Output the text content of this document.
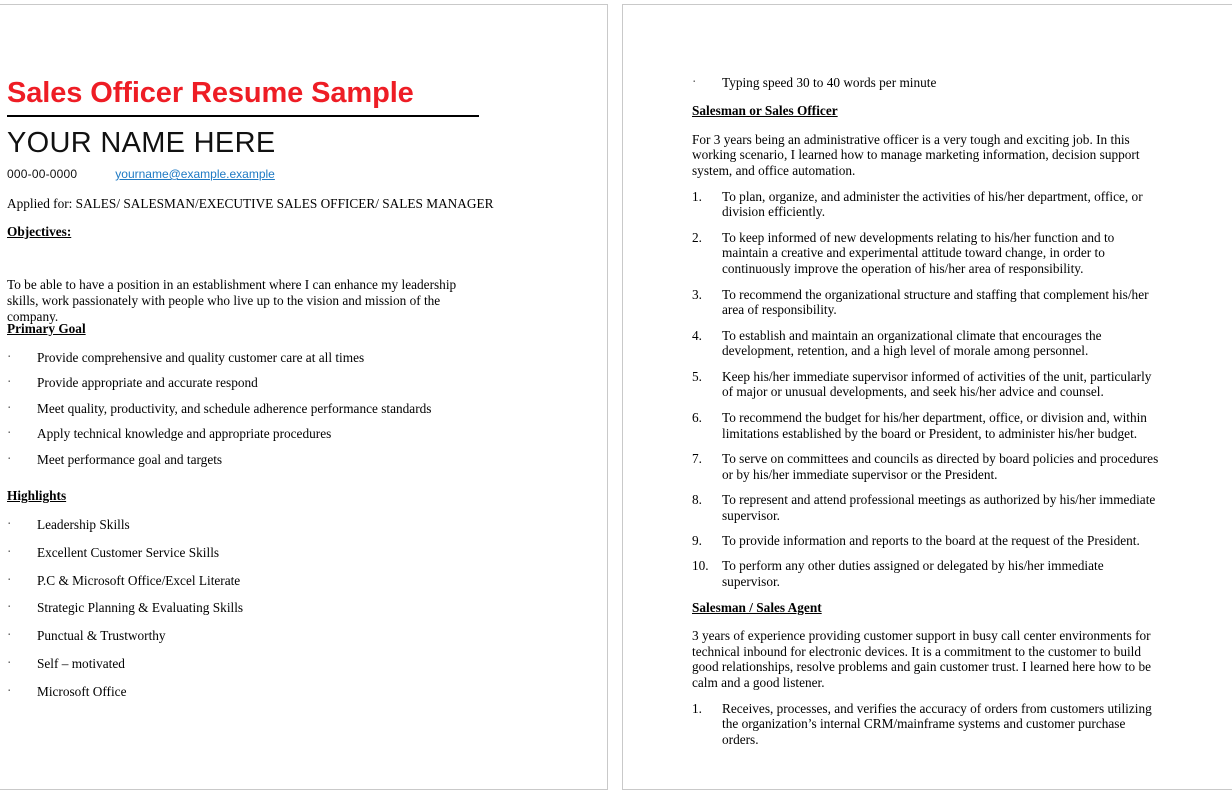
Sales Officer Resume Sample
YOUR NAME HERE
000-00-0000	yourname@example.example
Applied for: SALES/ SALESMAN/EXECUTIVE SALES OFFICER/ SALES MANAGER
Objectives:
To be able to have a position in an establishment where I can enhance my leadership skills, work passionately with people who live up to the vision and mission of the company.
Primary Goal
·	Provide comprehensive and quality customer care at all times
·	Provide appropriate and accurate respond
·	Meet quality, productivity, and schedule adherence performance standards
·	Apply technical knowledge and appropriate procedures
·	Meet performance goal and targets
Highlights
·	Leadership Skills
·	Excellent Customer Service Skills
·	P.C & Microsoft Office/Excel Literate
·	Strategic Planning & Evaluating Skills
·	Punctual & Trustworthy
·	Self – motivated
·	Microsoft Office
·	Typing speed 30 to 40 words per minute
Salesman or Sales Officer
For 3 years being an administrative officer is a very tough and exciting job. In this working scenario, I learned how to manage marketing information, decision support system, and office automation.
1.	To plan, organize, and administer the activities of his/her department, office, or division efficiently.
2.	To keep informed of new developments relating to his/her function and to maintain a creative and experimental attitude toward change, in order to continuously improve the operation of his/her area of responsibility.
3.	To recommend the organizational structure and staffing that complement his/her area of responsibility.
4.	To establish and maintain an organizational climate that encourages the development, retention, and a high level of morale among personnel.
5.	Keep his/her immediate supervisor informed of activities of the unit, particularly of major or unusual developments, and seek his/her advice and counsel.
6.	To recommend the budget for his/her department, office, or division and, within limitations established by the board or President, to administer his/her budget.
7.	To serve on committees and councils as directed by board policies and procedures or by his/her immediate supervisor or the President.
8.	To represent and attend professional meetings as authorized by his/her immediate supervisor.
9.	To provide information and reports to the board at the request of the President.
10.	To perform any other duties assigned or delegated by his/her immediate supervisor.
Salesman / Sales Agent
3 years of experience providing customer support in busy call center environments for technical inbound for electronic devices. It is a commitment to the customer to build good relationships, resolve problems and gain customer trust. I learned here how to be calm and a good listener.
1.	Receives, processes, and verifies the accuracy of orders from customers utilizing the organization’s internal CRM/mainframe systems and customer purchase orders.
